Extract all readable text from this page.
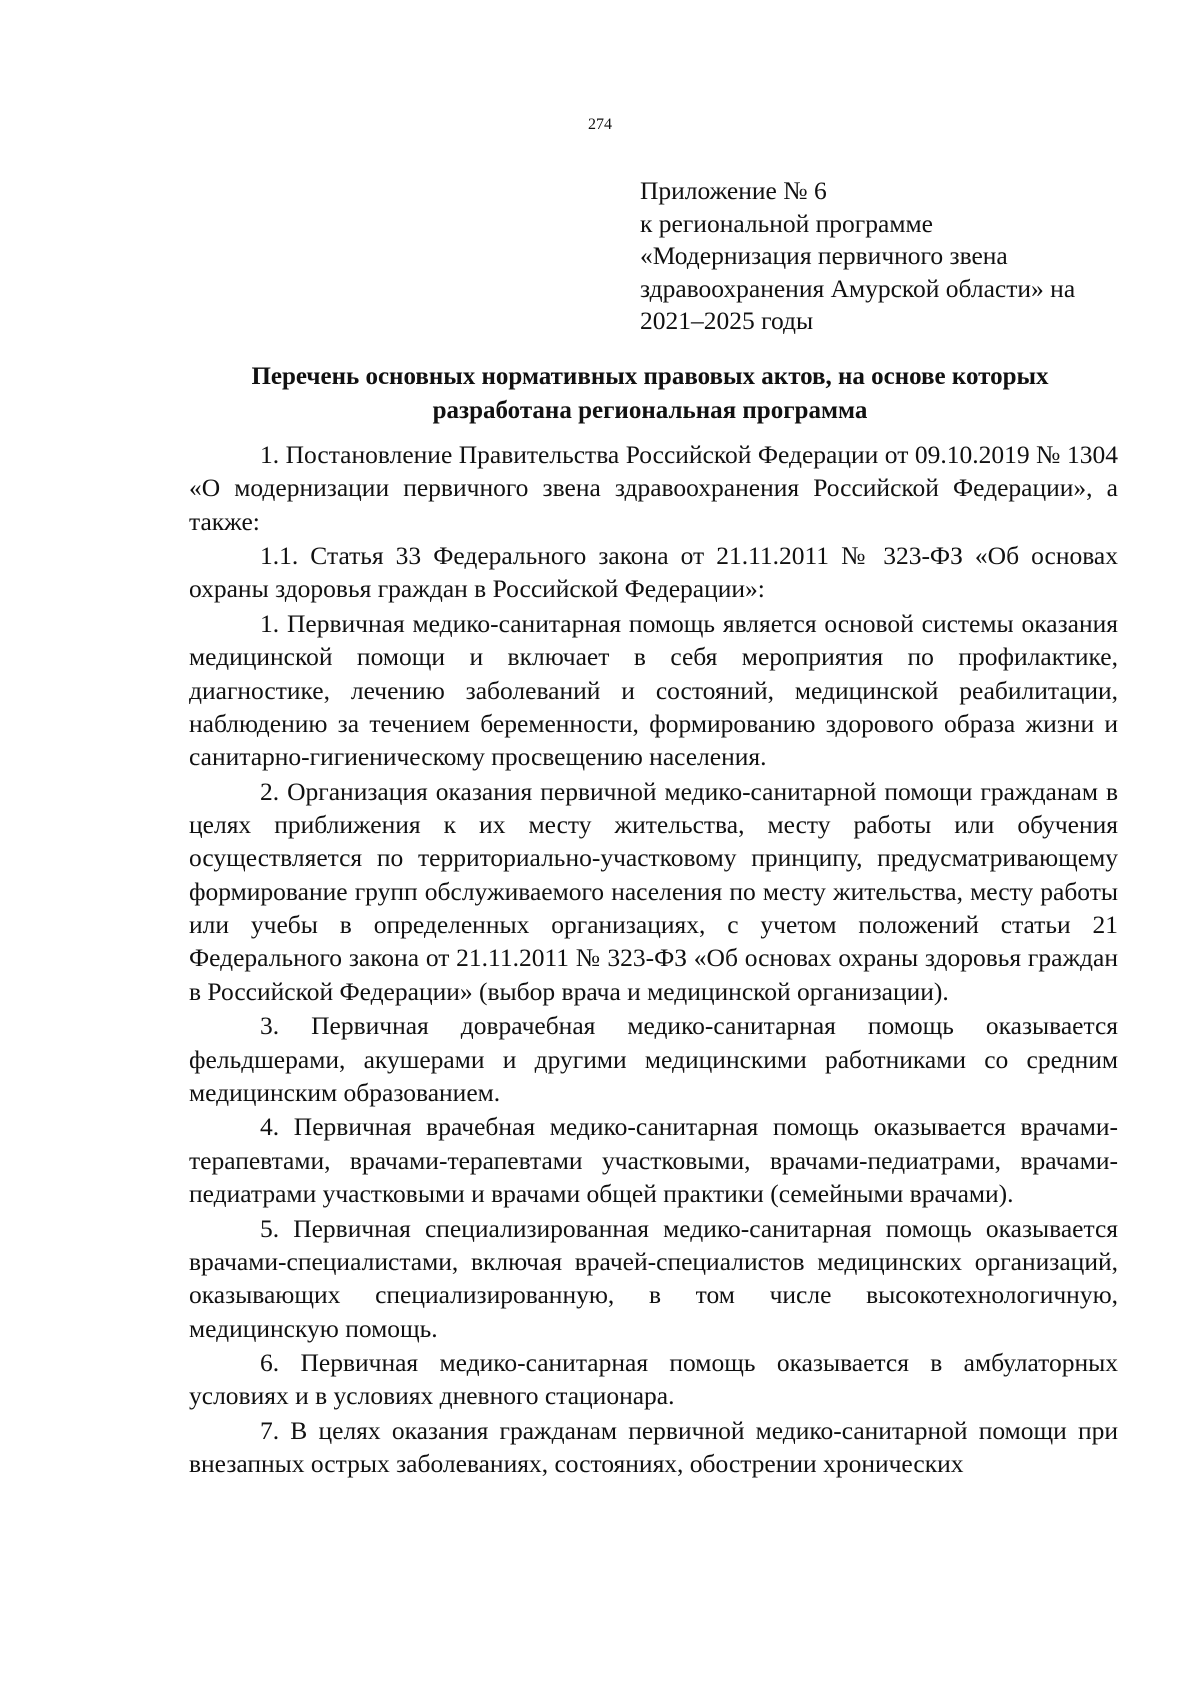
274
Приложение № 6
к региональной программе
«Модернизация первичного звена
здравоохранения Амурской области» на
2021–2025 годы
Перечень основных нормативных правовых актов, на основе которых
разработана региональная программа

1. Постановление Правительства Российской Федерации от 09.10.2019 № 1304 «О модернизации первичного звена здравоохранения Российской Федерации», а также:

1.1. Статья 33 Федерального закона от 21.11.2011 № 323-ФЗ «Об основах охраны здоровья граждан в Российской Федерации»:

1. Первичная медико-санитарная помощь является основой системы оказания медицинской помощи и включает в себя мероприятия по профилактике, диагностике, лечению заболеваний и состояний, медицинской реабилитации, наблюдению за течением беременности, формированию здорового образа жизни и санитарно-гигиеническому просвещению населения.

2. Организация оказания первичной медико-санитарной помощи гражданам в целях приближения к их месту жительства, месту работы или обучения осуществляется по территориально-участковому принципу, предусматривающему формирование групп обслуживаемого населения по месту жительства, месту работы или учебы в определенных организациях, с учетом положений статьи 21 Федерального закона от 21.11.2011 № 323-ФЗ «Об основах охраны здоровья граждан в Российской Федерации» (выбор врача и медицинской организации).

3. Первичная доврачебная медико-санитарная помощь оказывается фельдшерами, акушерами и другими медицинскими работниками со средним медицинским образованием.

4. Первичная врачебная медико-санитарная помощь оказывается врачами-терапевтами, врачами-терапевтами участковыми, врачами-педиатрами, врачами-педиатрами участковыми и врачами общей практики (семейными врачами).

5. Первичная специализированная медико-санитарная помощь оказывается врачами-специалистами, включая врачей-специалистов медицинских организаций, оказывающих специализированную, в том числе высокотехнологичную, медицинскую помощь.

6. Первичная медико-санитарная помощь оказывается в амбулаторных условиях и в условиях дневного стационара.

7. В целях оказания гражданам первичной медико-санитарной помощи при внезапных острых заболеваниях, состояниях, обострении хронических
